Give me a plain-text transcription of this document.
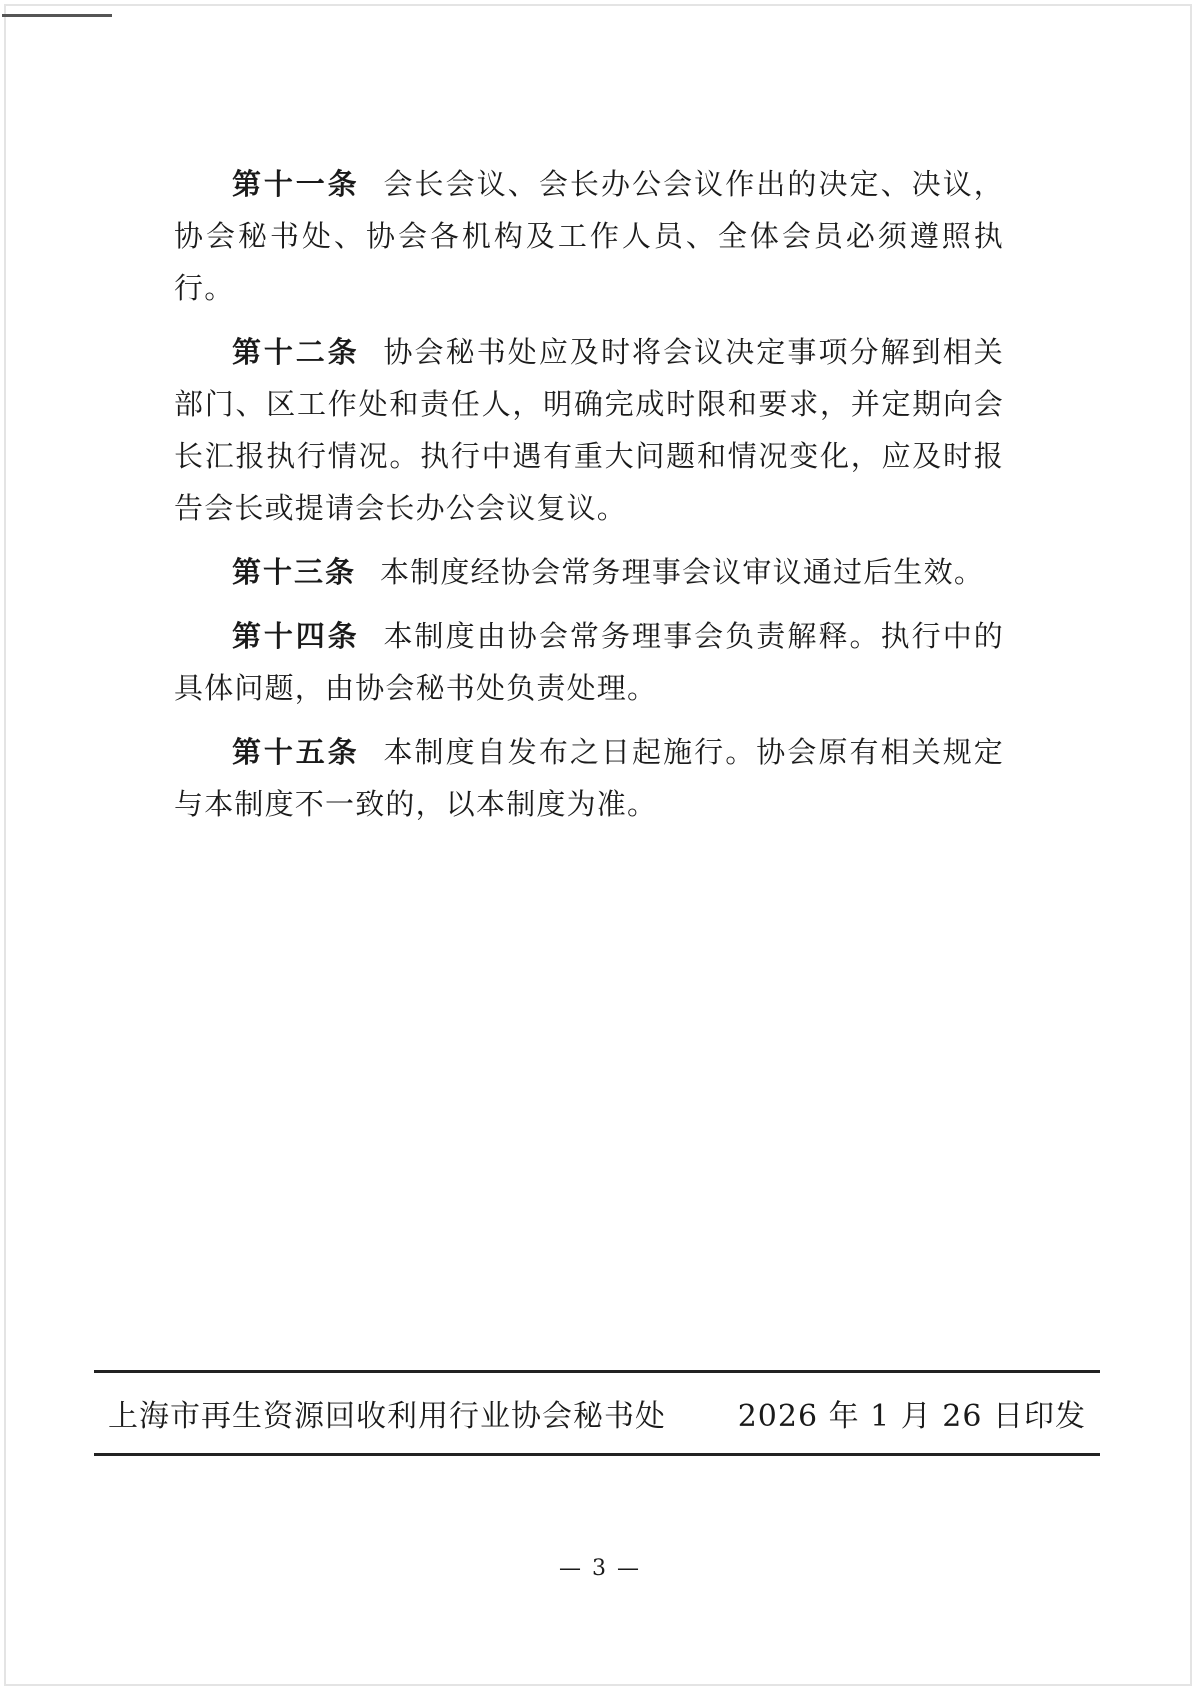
第十一条 会长会议、会长办公会议作出的决定、决议，协会秘书处、协会各机构及工作人员、全体会员必须遵照执行。

第十二条 协会秘书处应及时将会议决定事项分解到相关部门、区工作处和责任人，明确完成时限和要求，并定期向会长汇报执行情况。执行中遇有重大问题和情况变化，应及时报告会长或提请会长办公会议复议。

第十三条 本制度经协会常务理事会议审议通过后生效。

第十四条 本制度由协会常务理事会负责解释。执行中的具体问题，由协会秘书处负责处理。

第十五条 本制度自发布之日起施行。协会原有相关规定与本制度不一致的，以本制度为准。

上海市再生资源回收利用行业协会秘书处 2026 年 1 月 26 日印发
— 3 —
